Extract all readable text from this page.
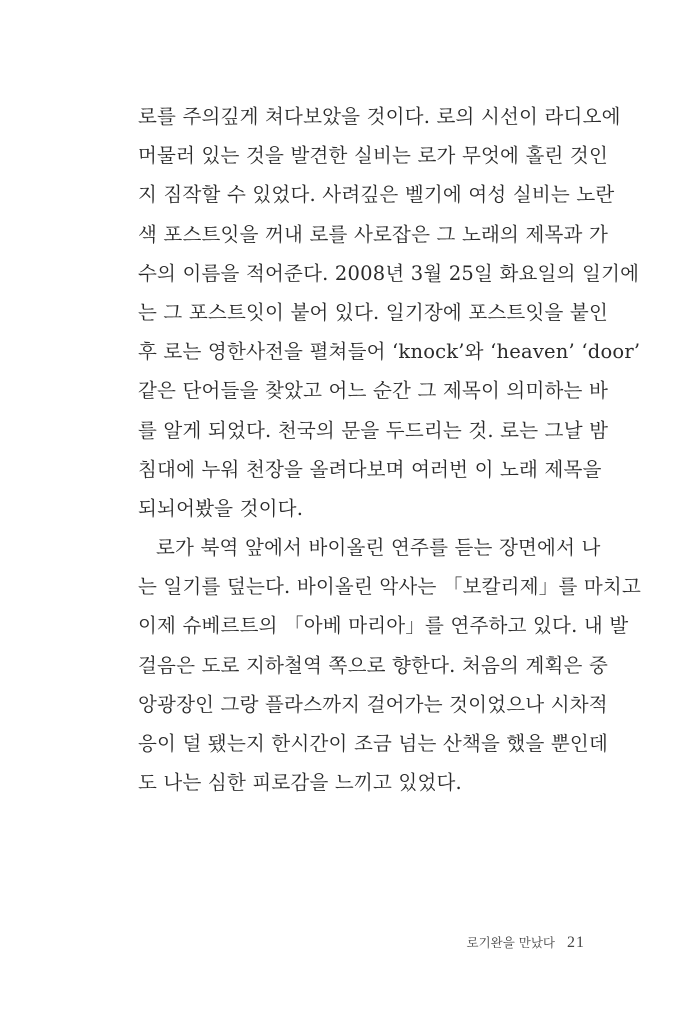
로를 주의깊게 쳐다보았을 것이다. 로의 시선이 라디오에
머물러 있는 것을 발견한 실비는 로가 무엇에 홀린 것인
지 짐작할 수 있었다. 사려깊은 벨기에 여성 실비는 노란
색 포스트잇을 꺼내 로를 사로잡은 그 노래의 제목과 가
수의 이름을 적어준다. 2008년 3월 25일 화요일의 일기에
는 그 포스트잇이 붙어 있다. 일기장에 포스트잇을 붙인
후 로는 영한사전을 펼쳐들어 ‘knock’와 ‘heaven’ ‘door’
같은 단어들을 찾았고 어느 순간 그 제목이 의미하는 바
를 알게 되었다. 천국의 문을 두드리는 것. 로는 그날 밤
침대에 누워 천장을 올려다보며 여러번 이 노래 제목을
되뇌어봤을 것이다.
로가 북역 앞에서 바이올린 연주를 듣는 장면에서 나
는 일기를 덮는다. 바이올린 악사는 「보칼리제」를 마치고
이제 슈베르트의 「아베 마리아」를 연주하고 있다. 내 발
걸음은 도로 지하철역 쪽으로 향한다. 처음의 계획은 중
앙광장인 그랑 플라스까지 걸어가는 것이었으나 시차적
응이 덜 됐는지 한시간이 조금 넘는 산책을 했을 뿐인데
도 나는 심한 피로감을 느끼고 있었다.
로기완을 만났다 21
